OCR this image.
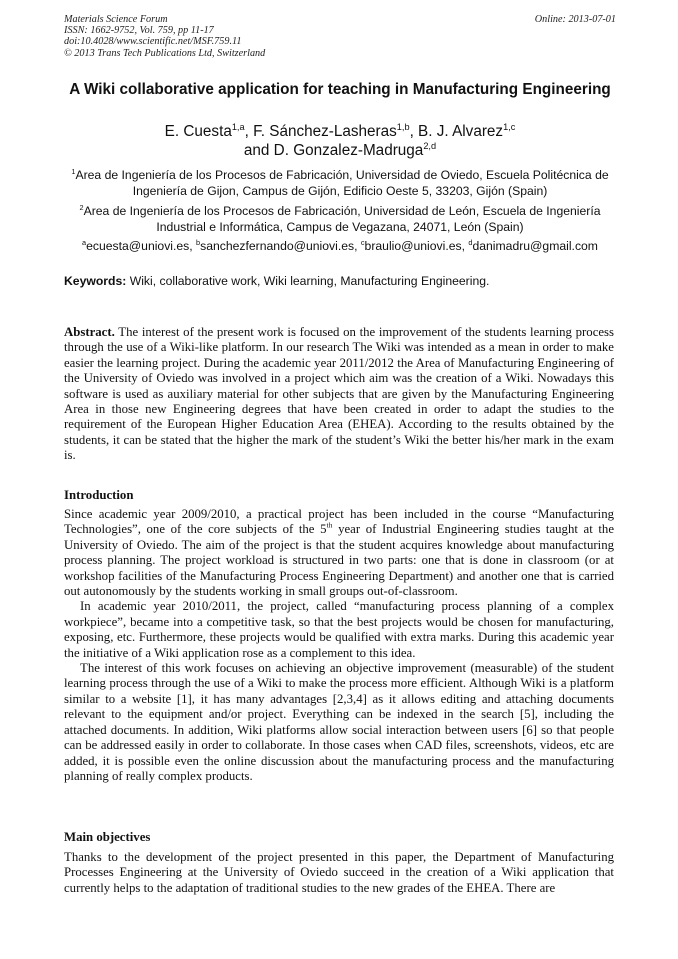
Materials Science Forum
ISSN: 1662-9752, Vol. 759, pp 11-17
doi:10.4028/www.scientific.net/MSF.759.11
© 2013 Trans Tech Publications Ltd, Switzerland
Online: 2013-07-01
A Wiki collaborative application for teaching in Manufacturing Engineering
E. Cuesta$^{1,a}$, F. Sánchez-Lasheras$^{1,b}$, B. J. Alvarez$^{1,c}$
and D. Gonzalez-Madruga$^{2,d}$
$^1$Area de Ingeniería de los Procesos de Fabricación, Universidad de Oviedo, Escuela Politécnica de Ingeniería de Gijon, Campus de Gijón, Edificio Oeste 5, 33203, Gijón (Spain)
$^2$Area de Ingeniería de los Procesos de Fabricación, Universidad de León, Escuela de Ingeniería Industrial e Informática, Campus de Vegazana, 24071, León (Spain)
$^a$ecuesta@uniovi.es, $^b$sanchezfernando@uniovi.es, $^c$braulio@uniovi.es, $^d$danimadru@gmail.com
Keywords: Wiki, collaborative work, Wiki learning, Manufacturing Engineering.

Abstract. The interest of the present work is focused on the improvement of the students learning process through the use of a Wiki-like platform. In our research The Wiki was intended as a mean in order to make easier the learning project. During the academic year 2011/2012 the Area of Manufacturing Engineering of the University of Oviedo was involved in a project which aim was the creation of a Wiki. Nowadays this software is used as auxiliary material for other subjects that are given by the Manufacturing Engineering Area in those new Engineering degrees that have been created in order to adapt the studies to the requirement of the European Higher Education Area (EHEA). According to the results obtained by the students, it can be stated that the higher the mark of the student’s Wiki the better his/her mark in the exam is.

Introduction

Since academic year 2009/2010, a practical project has been included in the course “Manufacturing Technologies”, one of the core subjects of the 5th year of Industrial Engineering studies taught at the University of Oviedo. The aim of the project is that the student acquires knowledge about manufacturing process planning. The project workload is structured in two parts: one that is done in classroom (or at workshop facilities of the Manufacturing Process Engineering Department) and another one that is carried out autonomously by the students working in small groups out-of-classroom.

In academic year 2010/2011, the project, called “manufacturing process planning of a complex workpiece”, became into a competitive task, so that the best projects would be chosen for manufacturing, exposing, etc. Furthermore, these projects would be qualified with extra marks. During this academic year the initiative of a Wiki application rose as a complement to this idea.

The interest of this work focuses on achieving an objective improvement (measurable) of the student learning process through the use of a Wiki to make the process more efficient. Although Wiki is a platform similar to a website [1], it has many advantages [2,3,4] as it allows editing and attaching documents relevant to the equipment and/or project. Everything can be indexed in the search [5], including the attached documents. In addition, Wiki platforms allow social interaction between users [6] so that people can be addressed easily in order to collaborate. In those cases when CAD files, screenshots, videos, etc are added, it is possible even the online discussion about the manufacturing process and the manufacturing planning of really complex products.

Main objectives

Thanks to the development of the project presented in this paper, the Department of Manufacturing Processes Engineering at the University of Oviedo succeed in the creation of a Wiki application that currently helps to the adaptation of traditional studies to the new grades of the EHEA. There are
